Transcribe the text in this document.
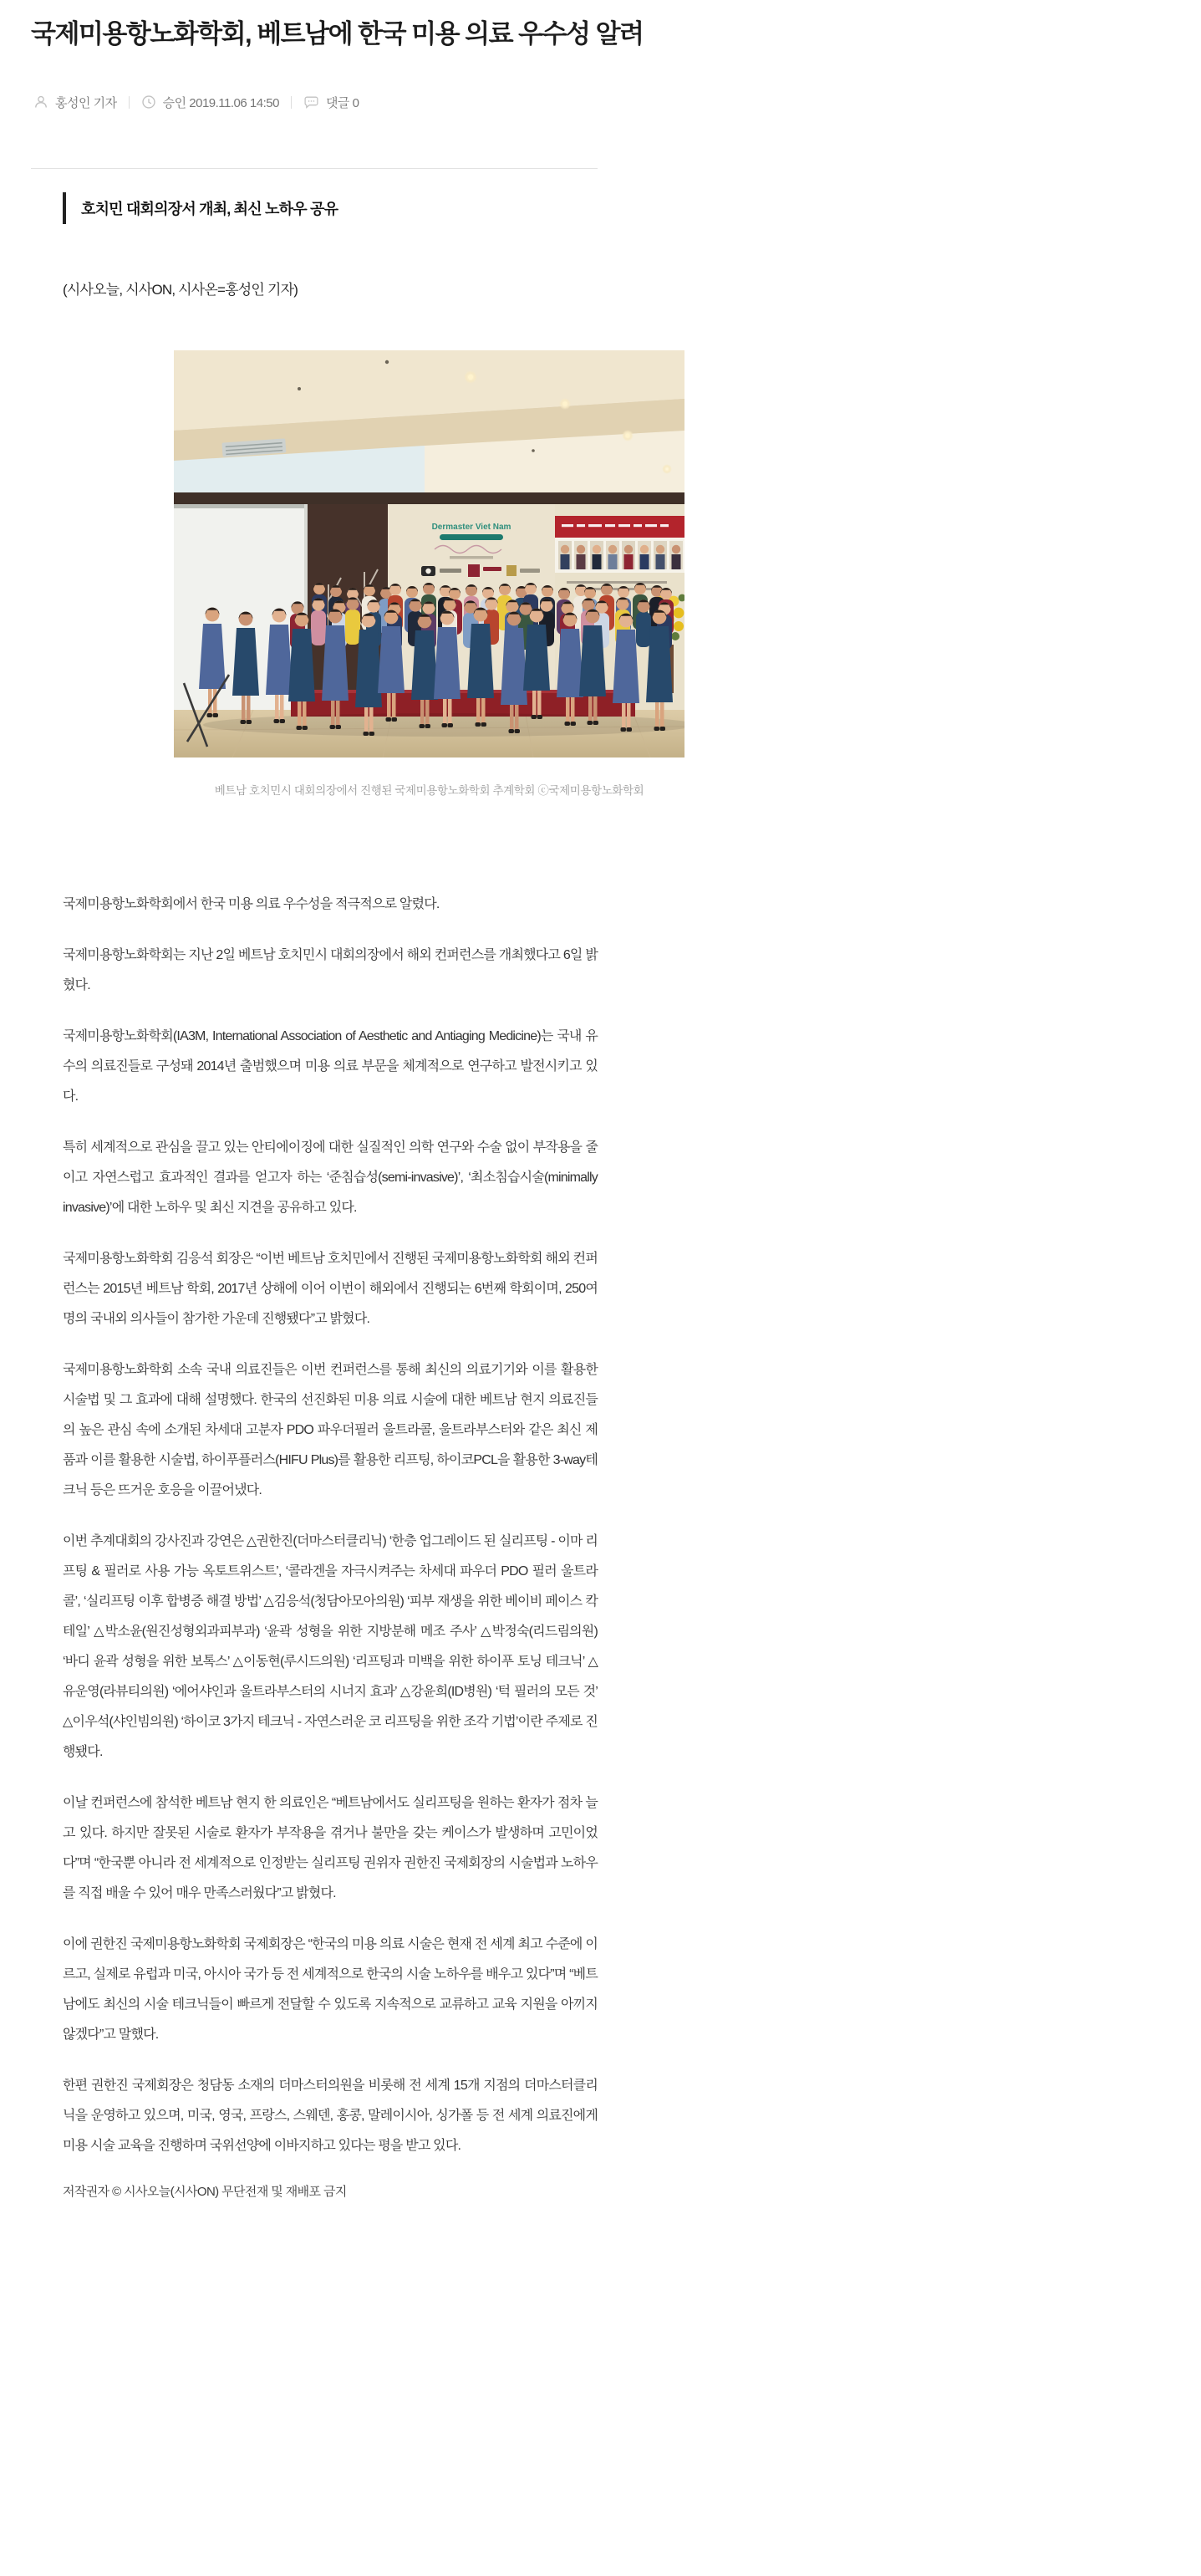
국제미용항노화학회, 베트남에 한국 미용 의료 우수성 알려
홍성인 기자	승인 2019.11.06 14:50	댓글 0
호치민 대회의장서 개최, 최신 노하우 공유

(시사오늘, 시사ON, 시사온=홍성인 기자)

Dermaster Viet Nam
베트남 호치민시 대회의장에서 진행된 국제미용항노화학회 추계학회 ⓒ국제미용항노화학회

국제미용항노화학회에서 한국 미용 의료 우수성을 적극적으로 알렸다.

국제미용항노화학회는 지난 2일 베트남 호치민시 대회의장에서 해외 컨퍼런스를 개최했다고 6일 밝혔다.

국제미용항노화학회(IA3M, International Association of Aesthetic and Antiaging Medicine)는 국내 유수의 의료진들로 구성돼 2014년 출범했으며 미용 의료 부문을 체계적으로 연구하고 발전시키고 있다.

특히 세계적으로 관심을 끌고 있는 안티에이징에 대한 실질적인 의학 연구와 수술 없이 부작용을 줄이고 자연스럽고 효과적인 결과를 얻고자 하는 ‘준침습성(semi-invasive)’, ‘최소침습시술(minimally invasive)’에 대한 노하우 및 최신 지견을 공유하고 있다.

국제미용항노화학회 김응석 회장은 “이번 베트남 호치민에서 진행된 국제미용항노화학회 해외 컨퍼런스는 2015년 베트남 학회, 2017년 상해에 이어 이번이 해외에서 진행되는 6번째 학회이며, 250여 명의 국내외 의사들이 참가한 가운데 진행됐다”고 밝혔다.

국제미용항노화학회 소속 국내 의료진들은 이번 컨퍼런스를 통해 최신의 의료기기와 이를 활용한 시술법 및 그 효과에 대해 설명했다. 한국의 선진화된 미용 의료 시술에 대한 베트남 현지 의료진들의 높은 관심 속에 소개된 차세대 고분자 PDO 파우더필러 울트라콜, 울트라부스터와 같은 최신 제품과 이를 활용한 시술법, 하이푸플러스(HIFU Plus)를 활용한 리프팅, 하이코PCL을 활용한 3-way테크닉 등은 뜨거운 호응을 이끌어냈다.

이번 추계대회의 강사진과 강연은 △권한진(더마스터클리닉) ‘한층 업그레이드 된 실리프팅 - 이마 리프팅 & 필러로 사용 가능 옥토트위스트’, ‘콜라겐을 자극시켜주는 차세대 파우더 PDO 필러 울트라콜’, ‘실리프팅 이후 합병증 해결 방법’ △김응석(청담아모아의원) ‘피부 재생을 위한 베이비 페이스 칵테일’ △박소윤(원진성형외과피부과) ‘윤곽 성형을 위한 지방분해 메조 주사’ △박정숙(리드림의원) ‘바디 윤곽 성형을 위한 보톡스’ △이동현(루시드의원) ‘리프팅과 미백을 위한 하이푸 토닝 테크닉’ △유운영(라뷰티의원) ‘에어샤인과 울트라부스터의 시너지 효과’ △강윤희(ID병원) ‘턱 필러의 모든 것’ △이우석(샤인빔의원) ‘하이코 3가지 테크닉 - 자연스러운 코 리프팅을 위한 조각 기법’이란 주제로 진행됐다.

이날 컨퍼런스에 참석한 베트남 현지 한 의료인은 “베트남에서도 실리프팅을 원하는 환자가 점차 늘고 있다. 하지만 잘못된 시술로 환자가 부작용을 겪거나 불만을 갖는 케이스가 발생하며 고민이었다”며 “한국뿐 아니라 전 세계적으로 인정받는 실리프팅 권위자 권한진 국제회장의 시술법과 노하우를 직접 배울 수 있어 매우 만족스러웠다”고 밝혔다.

이에 권한진 국제미용항노화학회 국제회장은 “한국의 미용 의료 시술은 현재 전 세계 최고 수준에 이르고, 실제로 유럽과 미국, 아시아 국가 등 전 세계적으로 한국의 시술 노하우를 배우고 있다”며 “베트남에도 최신의 시술 테크닉들이 빠르게 전달할 수 있도록 지속적으로 교류하고 교육 지원을 아끼지 않겠다”고 말했다.

한편 권한진 국제회장은 청담동 소재의 더마스터의원을 비롯해 전 세계 15개 지점의 더마스터클리닉을 운영하고 있으며, 미국, 영국, 프랑스, 스웨덴, 홍콩, 말레이시아, 싱가폴 등 전 세계 의료진에게 미용 시술 교육을 진행하며 국위선양에 이바지하고 있다는 평을 받고 있다.

저작권자 © 시사오늘(시사ON) 무단전재 및 재배포 금지
